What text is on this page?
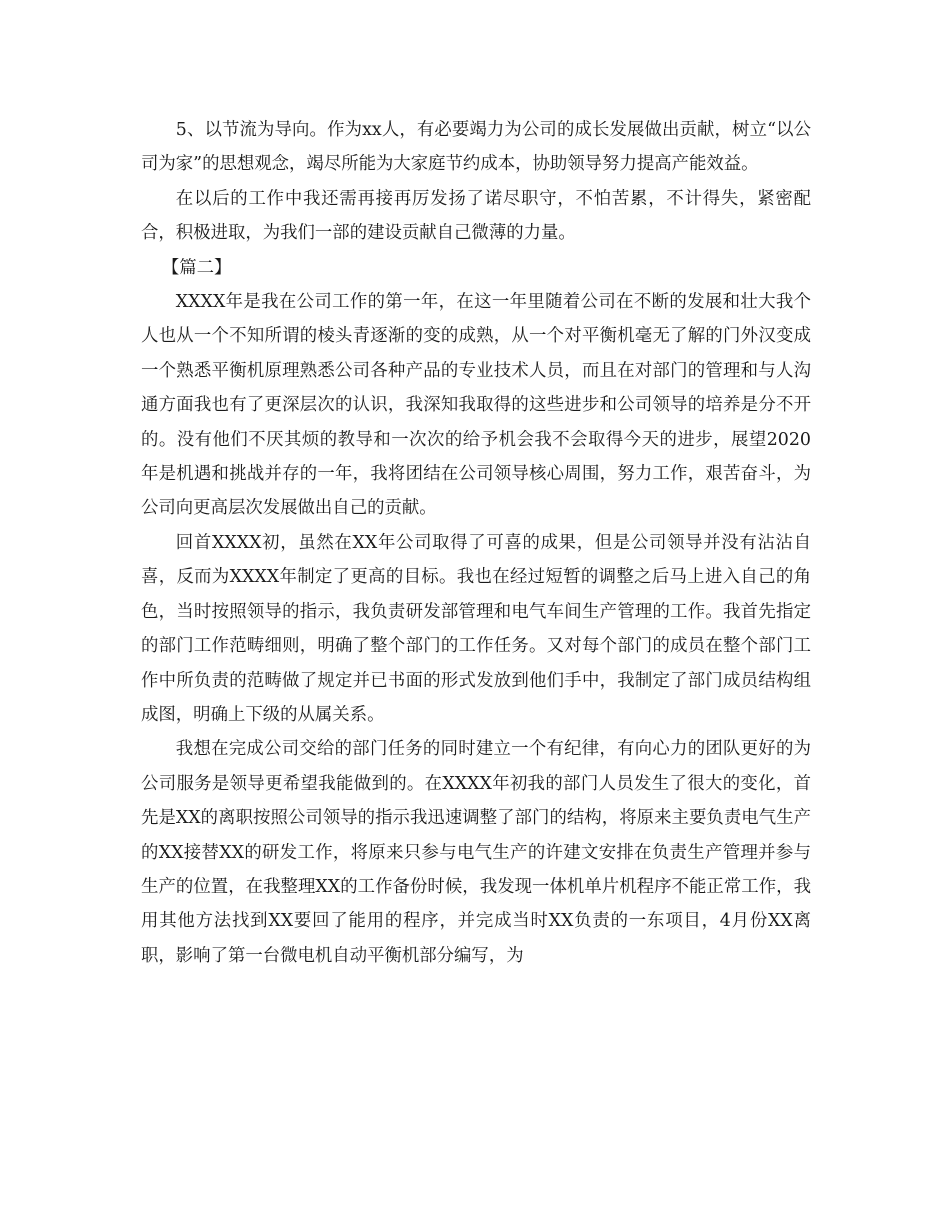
5、以节流为导向。作为xx人，有必要竭力为公司的成长发展做出贡献，树立“以公司为家”的思想观念，竭尽所能为大家庭节约成本，协助领导努力提高产能效益。

在以后的工作中我还需再接再厉发扬了诺尽职守，不怕苦累，不计得失，紧密配合，积极进取，为我们一部的建设贡献自己微薄的力量。

【篇二】

XXXX年是我在公司工作的第一年，在这一年里随着公司在不断的发展和壮大我个人也从一个不知所谓的棱头青逐渐的变的成熟，从一个对平衡机毫无了解的门外汉变成一个熟悉平衡机原理熟悉公司各种产品的专业技术人员，而且在对部门的管理和与人沟通方面我也有了更深层次的认识，我深知我取得的这些进步和公司领导的培养是分不开的。没有他们不厌其烦的教导和一次次的给予机会我不会取得今天的进步，展望2020年是机遇和挑战并存的一年，我将团结在公司领导核心周围，努力工作，艰苦奋斗，为公司向更高层次发展做出自己的贡献。

回首XXXX初，虽然在XX年公司取得了可喜的成果，但是公司领导并没有沾沾自喜，反而为XXXX年制定了更高的目标。我也在经过短暂的调整之后马上进入自己的角色，当时按照领导的指示，我负责研发部管理和电气车间生产管理的工作。我首先指定的部门工作范畴细则，明确了整个部门的工作任务。又对每个部门的成员在整个部门工作中所负责的范畴做了规定并已书面的形式发放到他们手中，我制定了部门成员结构组成图，明确上下级的从属关系。

我想在完成公司交给的部门任务的同时建立一个有纪律，有向心力的团队更好的为公司服务是领导更希望我能做到的。在XXXX年初我的部门人员发生了很大的变化，首先是XX的离职按照公司领导的指示我迅速调整了部门的结构，将原来主要负责电气生产的XX接替XX的研发工作，将原来只参与电气生产的许建文安排在负责生产管理并参与生产的位置，在我整理XX的工作备份时候，我发现一体机单片机程序不能正常工作，我用其他方法找到XX要回了能用的程序，并完成当时XX负责的一东项目，4月份XX离职，影响了第一台微电机自动平衡机部分编写，为
